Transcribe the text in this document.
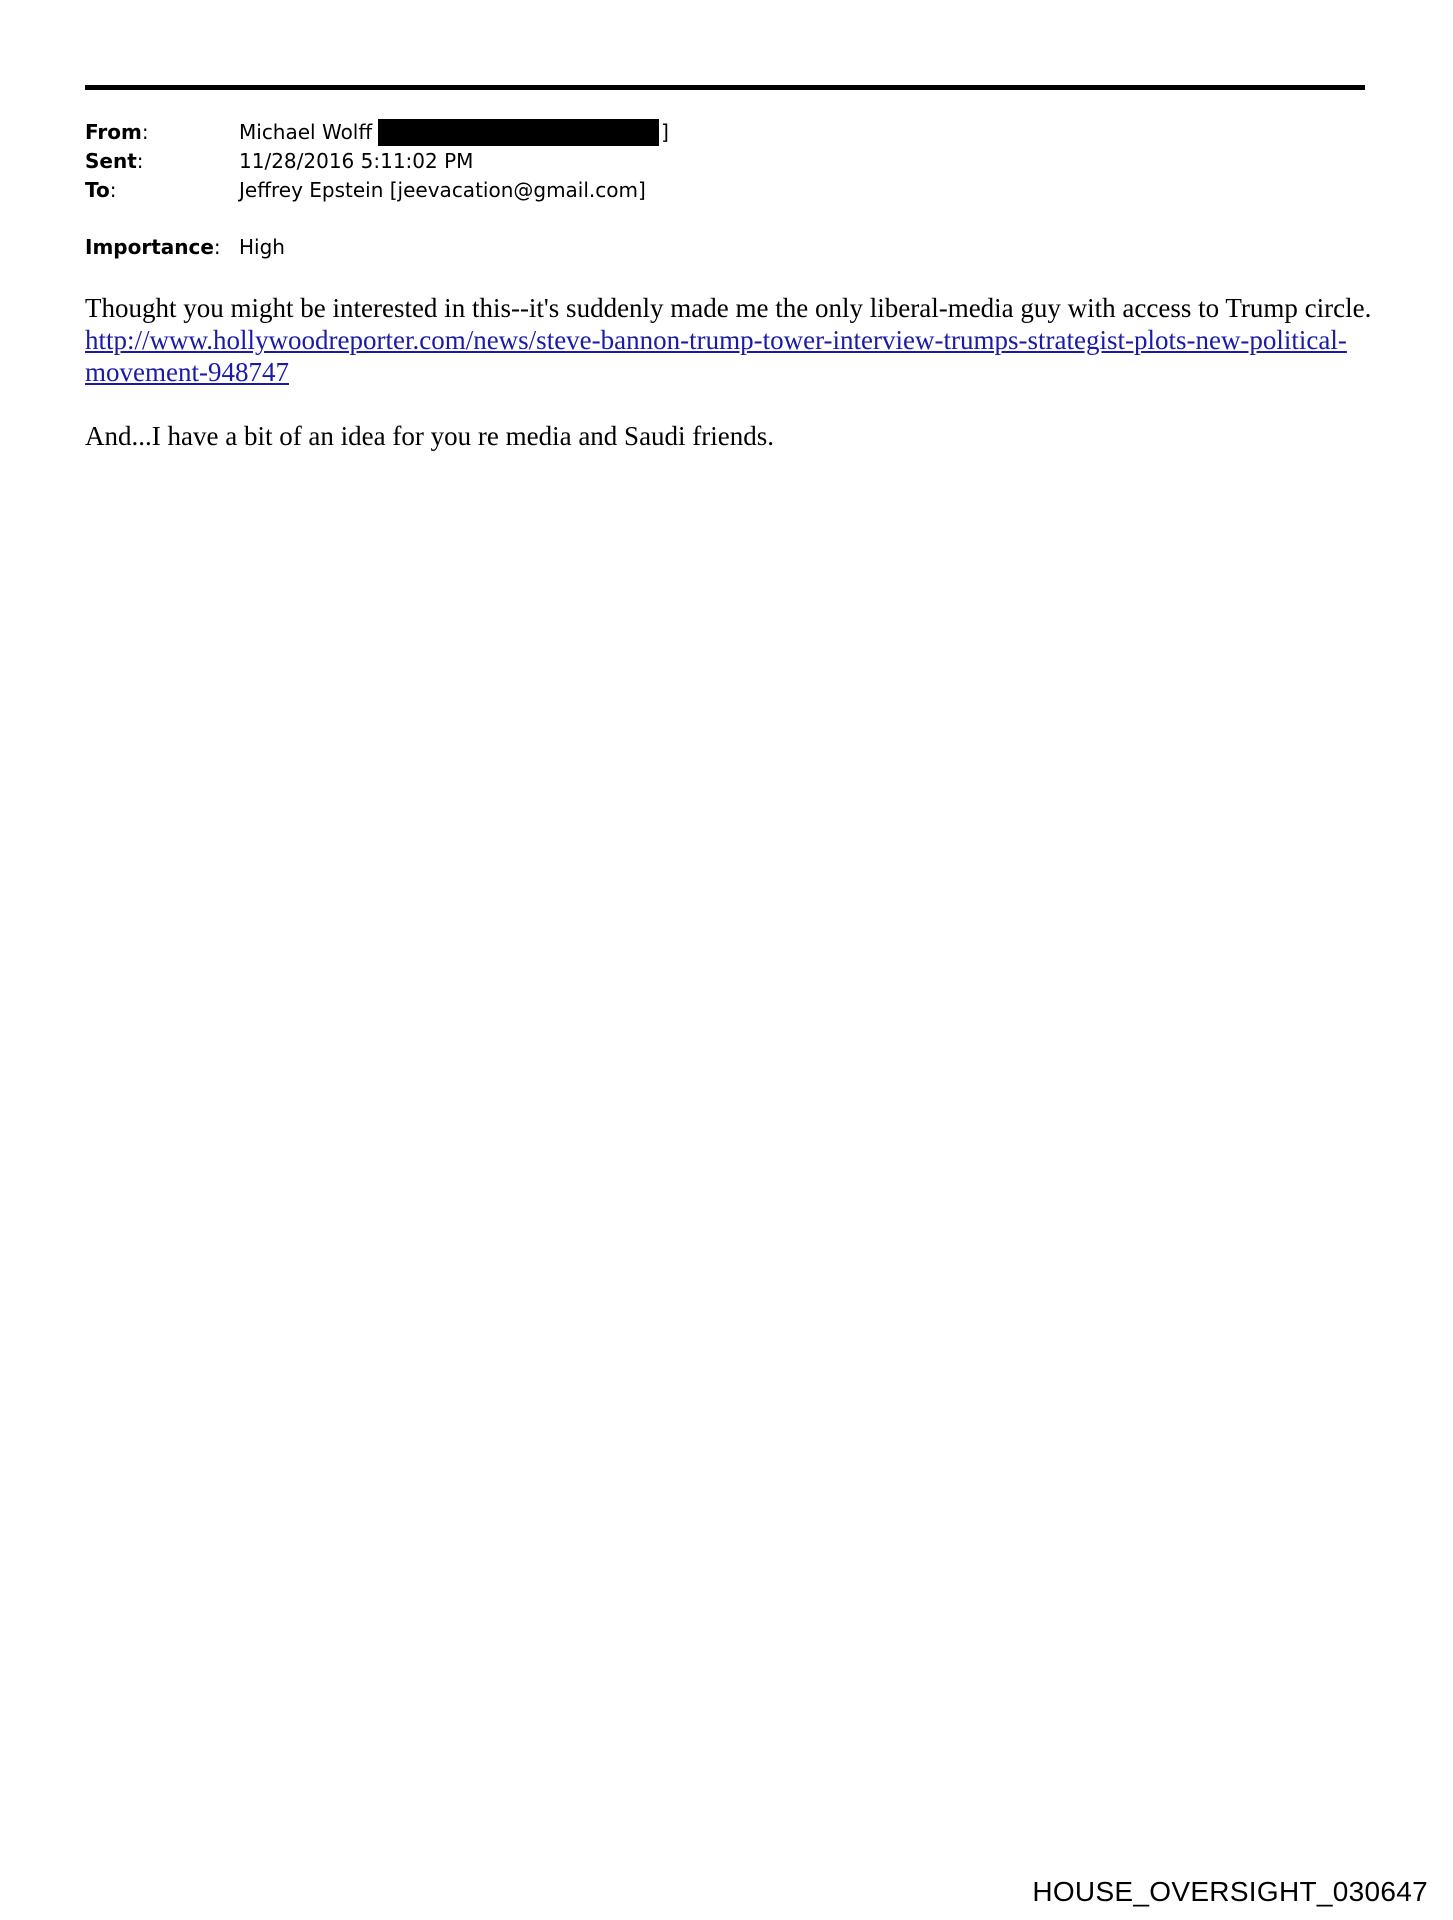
From:	Michael Wolff	]
Sent:	11/28/2016 5:11:02 PM
To:	Jeffrey Epstein [jeevacation@gmail.com]
Importance: High

Thought you might be interested in this--it's suddenly made me the only liberal-media guy with access to Trump circle. http://www.hollywoodreporter.com/news/steve-bannon-trump-tower-interview-trumps-strategist-plots-new-political-movement-948747

And...I have a bit of an idea for you re media and Saudi friends.

HOUSE_OVERSIGHT_030647
